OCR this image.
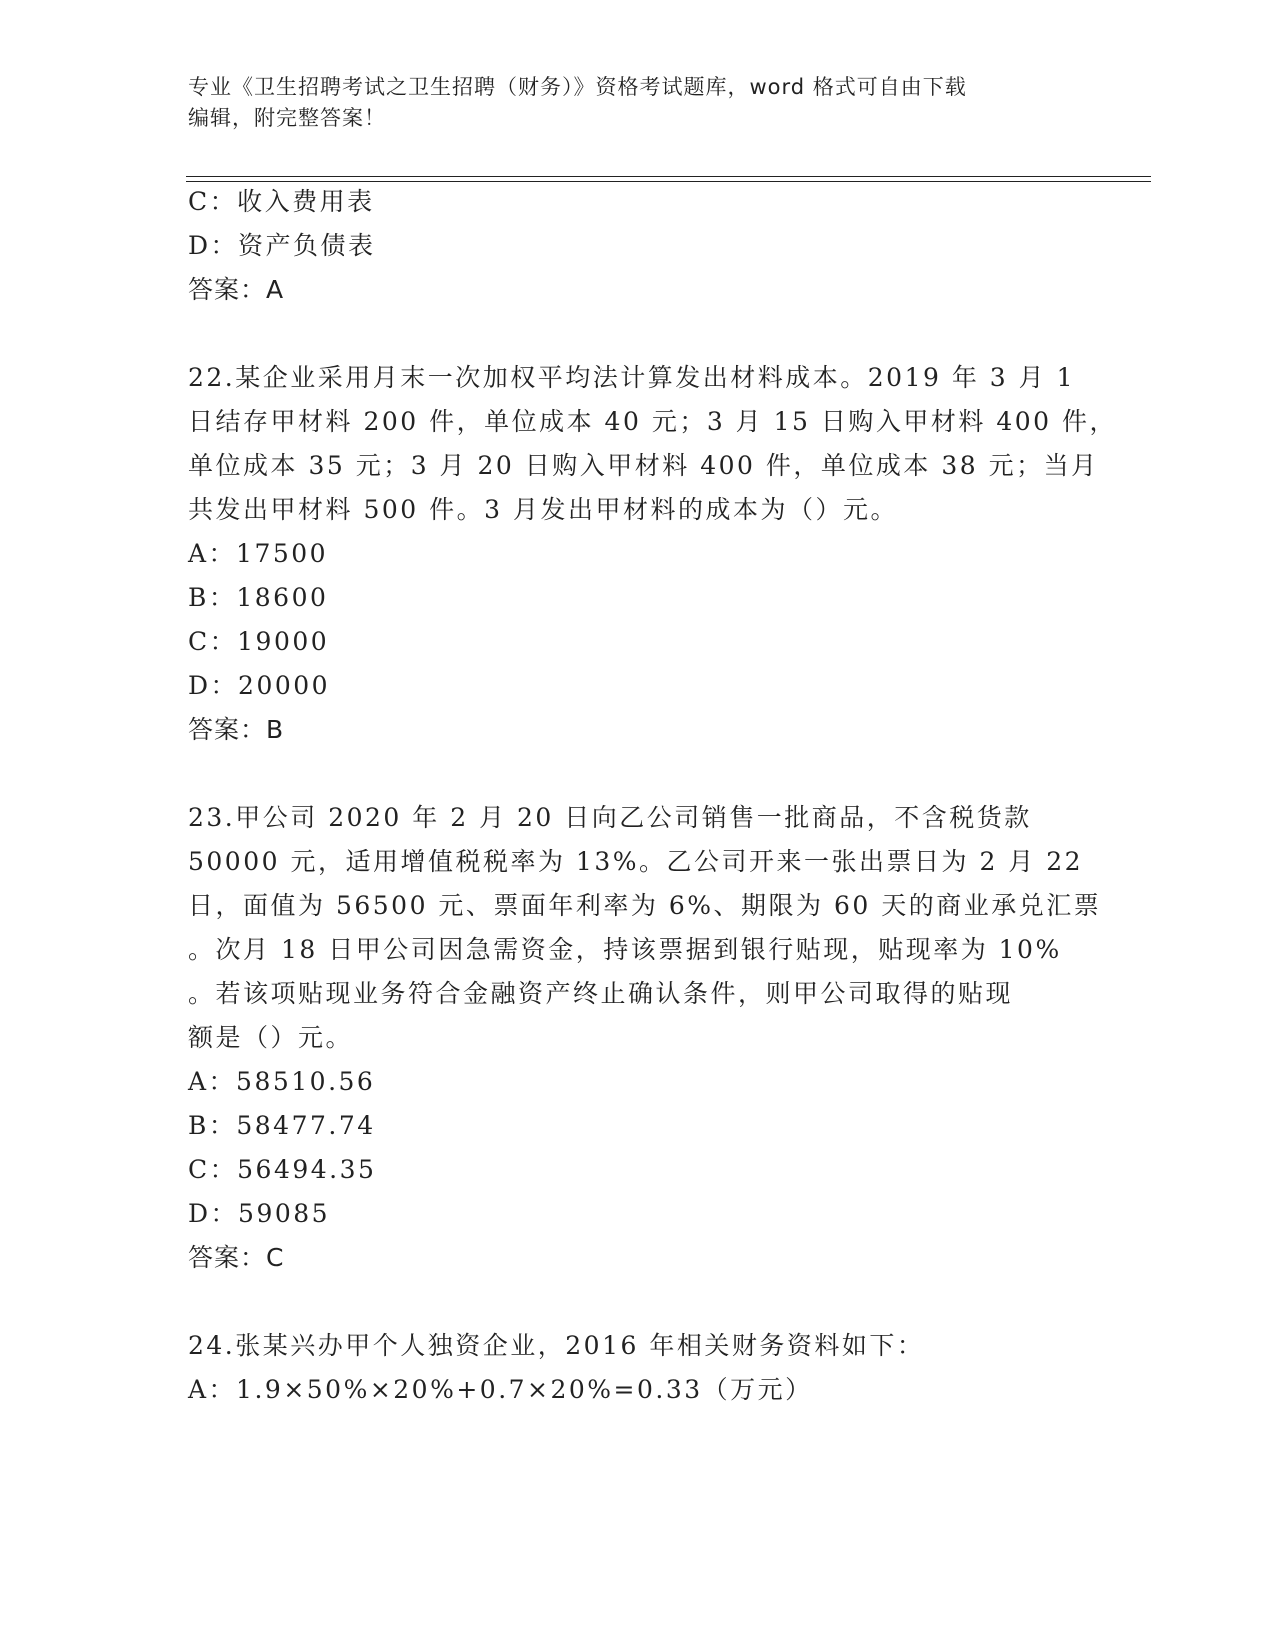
专业《卫生招聘考试之卫生招聘（财务）》资格考试题库，word 格式可自由下载
编辑，附完整答案！
C：收入费用表
D：资产负债表
答案：A
22.某企业采用月末一次加权平均法计算发出材料成本。2019 年 3 月 1
日结存甲材料 200 件，单位成本 40 元；3 月 15 日购入甲材料 400 件，
单位成本 35 元；3 月 20 日购入甲材料 400 件，单位成本 38 元；当月
共发出甲材料 500 件。3 月发出甲材料的成本为（）元。
A：17500
B：18600
C：19000
D：20000
答案：B
23.甲公司 2020 年 2 月 20 日向乙公司销售一批商品，不含税货款
50000 元，适用增值税税率为 13%。乙公司开来一张出票日为 2 月 22
日，面值为 56500 元、票面年利率为 6%、期限为 60 天的商业承兑汇票
。次月 18 日甲公司因急需资金，持该票据到银行贴现，贴现率为 10%
。若该项贴现业务符合金融资产终止确认条件，则甲公司取得的贴现
额是（）元。
A：58510.56
B：58477.74
C：56494.35
D：59085
答案：C
24.张某兴办甲个人独资企业，2016 年相关财务资料如下：
A：1.9×50%×20%+0.7×20%=0.33（万元）
